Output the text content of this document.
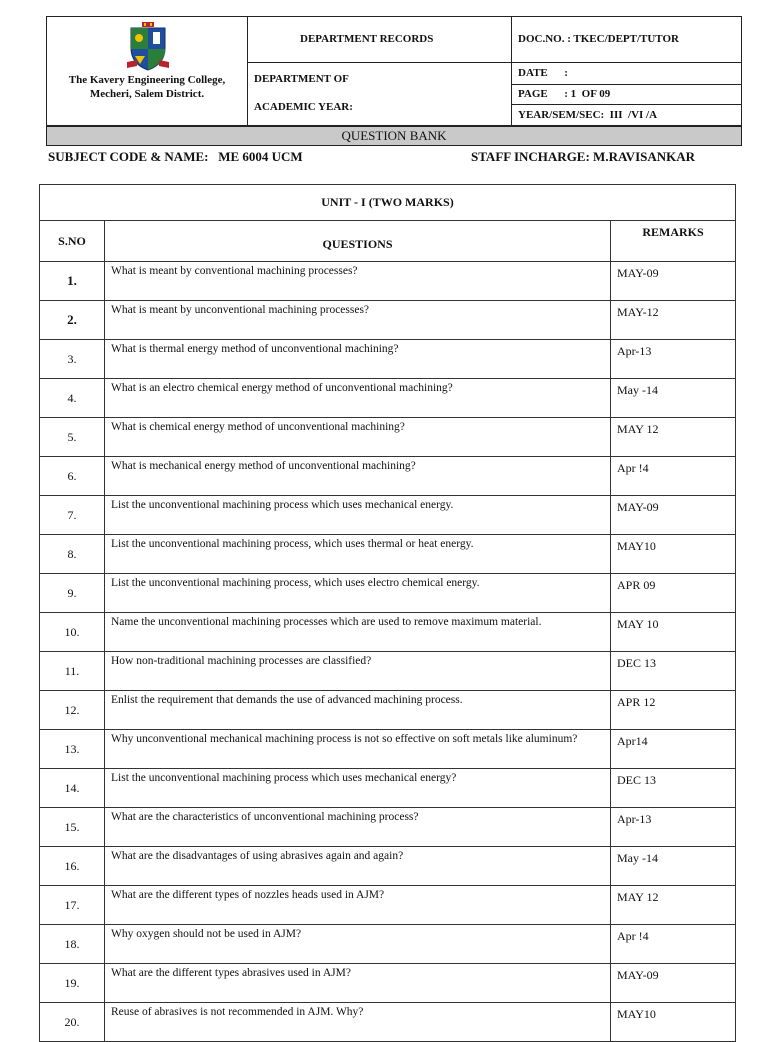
The Kavery Engineering College,
Mecheri, Salem District.
DEPARTMENT RECORDS
DEPARTMENT OF
ACADEMIC YEAR:
DOC.NO. : TKEC/DEPT/TUTOR
DATE      :
PAGE      : 1  OF 09
YEAR/SEM/SEC:  III  /VI /A
QUESTION BANK
SUBJECT CODE & NAME:   ME 6004 UCM	STAFF INCHARGE: M.RAVISANKAR
UNIT - I (TWO MARKS)		
S.NO	QUESTIONS	REMARKS
1.	What is meant by conventional machining processes?	MAY-09
2.	What is meant by unconventional machining processes?	MAY-12
3.	What is thermal energy method of unconventional machining?	Apr-13
4.	What is an electro chemical energy method of unconventional machining?	May -14
5.	What is chemical energy method of unconventional machining?	MAY 12
6.	What is mechanical energy method of unconventional machining?	Apr !4
7.	List the unconventional machining process which uses mechanical energy.	MAY-09
8.	List the unconventional machining process, which uses thermal or heat energy.	MAY10
9.	List the unconventional machining process, which uses electro chemical energy.	APR 09
10.	Name the unconventional machining processes which are used to remove maximum material.	MAY 10
11.	How non-traditional machining processes are classified?	DEC 13
12.	Enlist the requirement that demands the use of advanced machining process.	APR 12
13.	Why unconventional mechanical machining process is not so effective on soft metals like aluminum?	Apr14
14.	List the unconventional machining process which uses mechanical energy?	DEC 13
15.	What are the characteristics of unconventional machining process?	Apr-13
16.	What are the disadvantages of using abrasives again and again?	May -14
17.	What are the different types of nozzles heads used in AJM?	MAY 12
18.	Why oxygen should not be used in AJM?	Apr !4
19.	What are the different types abrasives used in AJM?	MAY-09
20.	Reuse of abrasives is not recommended in AJM. Why?	MAY10
